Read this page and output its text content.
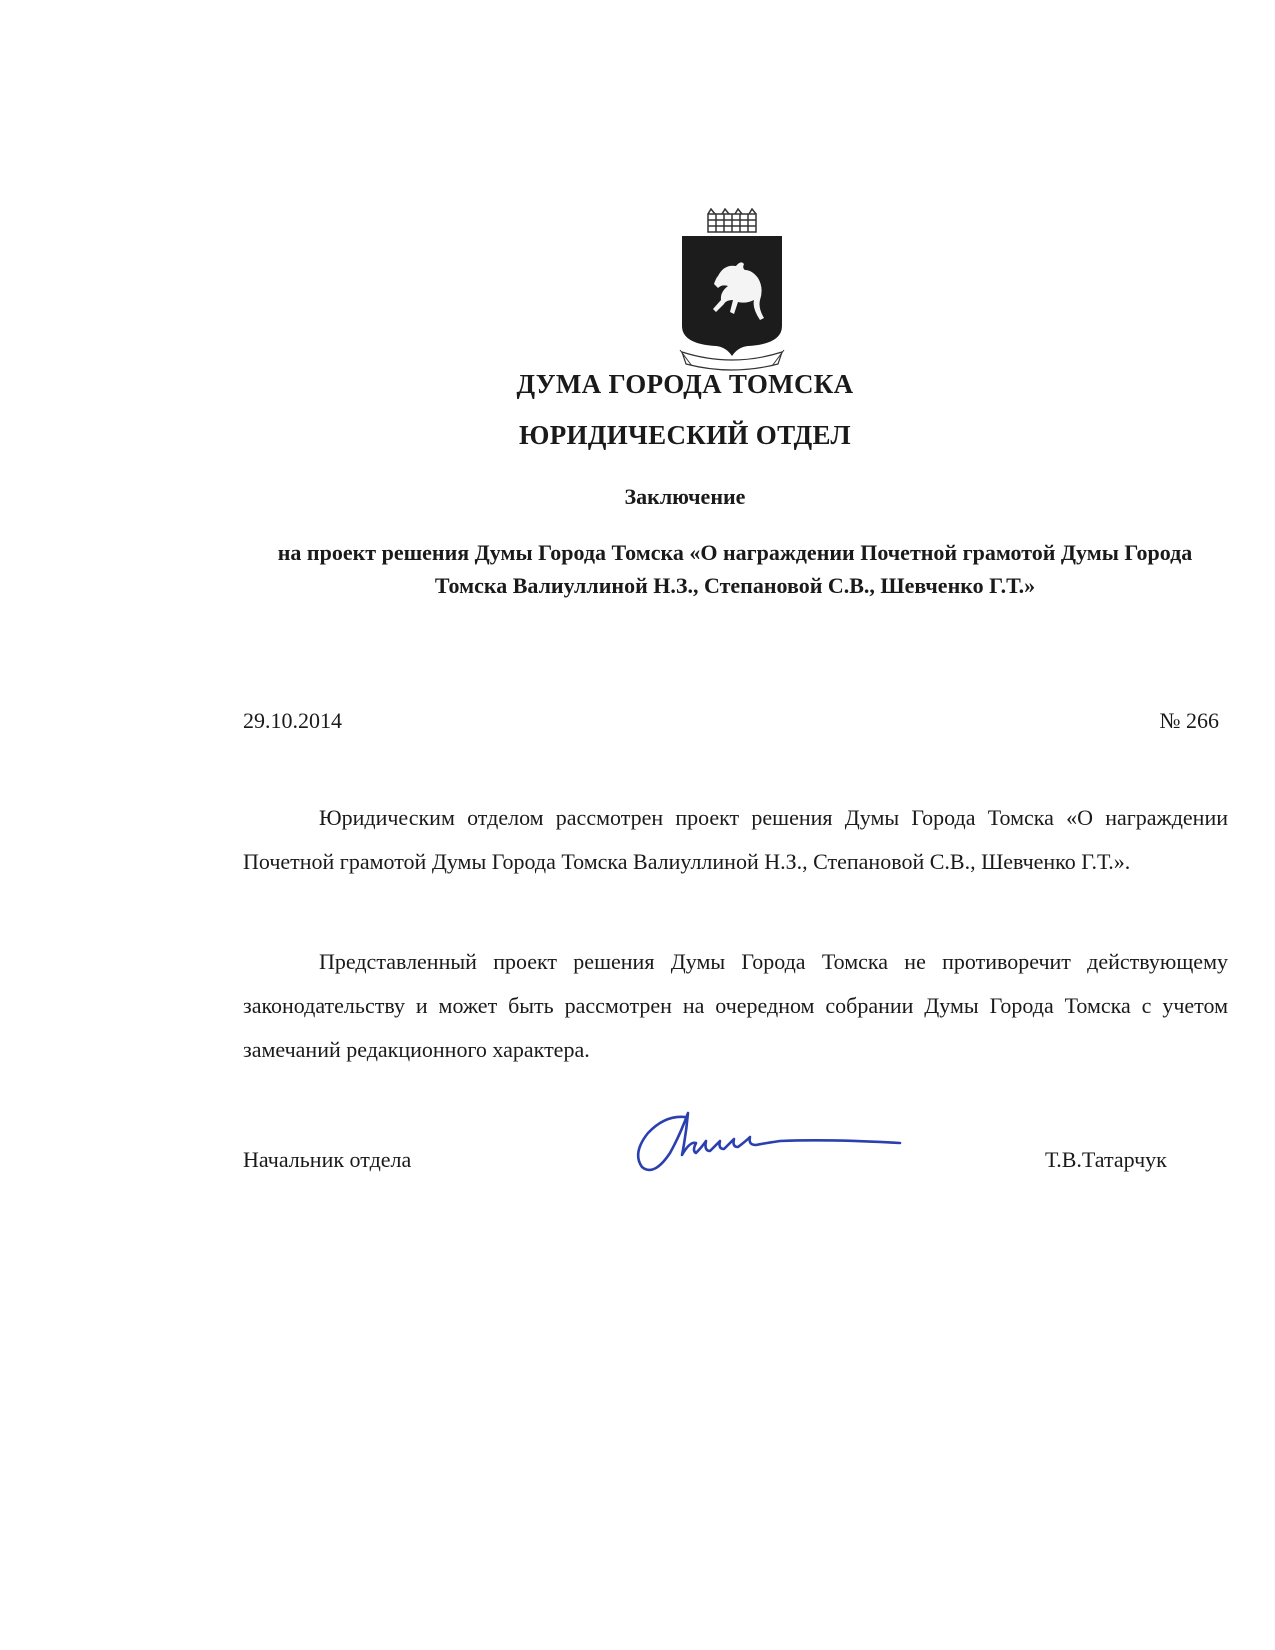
ДУМА ГОРОДА ТОМСКА
ЮРИДИЧЕСКИЙ ОТДЕЛ
Заключение
на проект решения Думы Города Томска «О награждении Почетной грамотой Думы Города Томска Валиуллиной Н.З., Степановой С.В., Шевченко Г.Т.»
29.10.2014	№ 266
Юридическим отделом рассмотрен проект решения Думы Города Томска «О награждении Почетной грамотой Думы Города Томска Валиуллиной Н.З., Степановой С.В., Шевченко Г.Т.».
Представленный проект решения Думы Города Томска не противоречит действующему законодательству и может быть рассмотрен на очередном собрании Думы Города Томска с учетом замечаний редакционного характера.
Начальник отдела	Т.В.Татарчук
